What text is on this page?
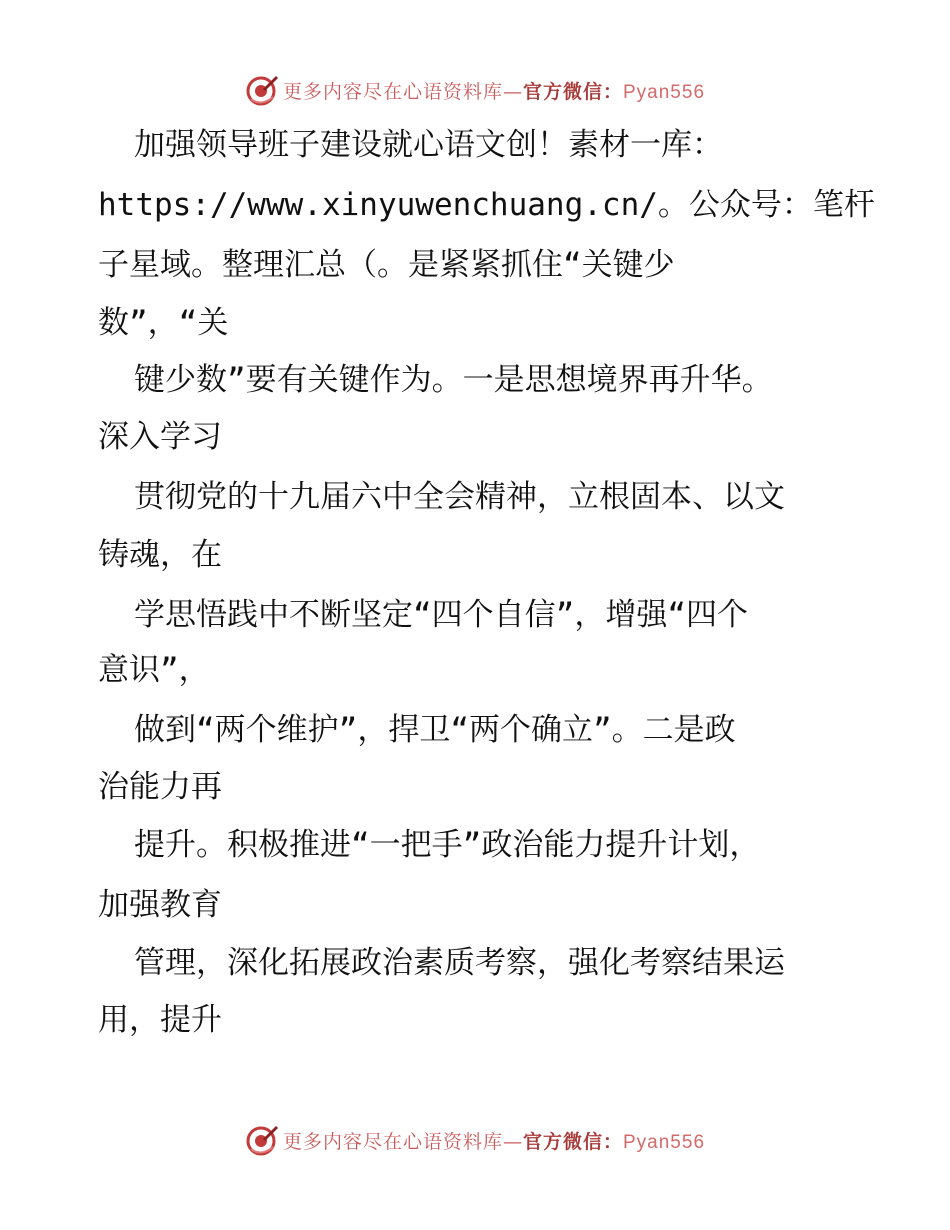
更多内容尽在心语资料库—官方微信：Pyan556
加强领导班子建设就心语文创！素材一库：
https://www.xinyuwenchuang.cn/。公众号：笔杆
子星域。整理汇总（。是紧紧抓住“关键少
数”，“关
键少数”要有关键作为。一是思想境界再升华。
深入学习
贯彻党的十九届六中全会精神，立根固本、以文
铸魂，在
学思悟践中不断坚定“四个自信”，增强“四个
意识”，
做到“两个维护”，捍卫“两个确立”。二是政
治能力再
提升。积极推进“一把手”政治能力提升计划，
加强教育
管理，深化拓展政治素质考察，强化考察结果运
用，提升
更多内容尽在心语资料库—官方微信：Pyan556
